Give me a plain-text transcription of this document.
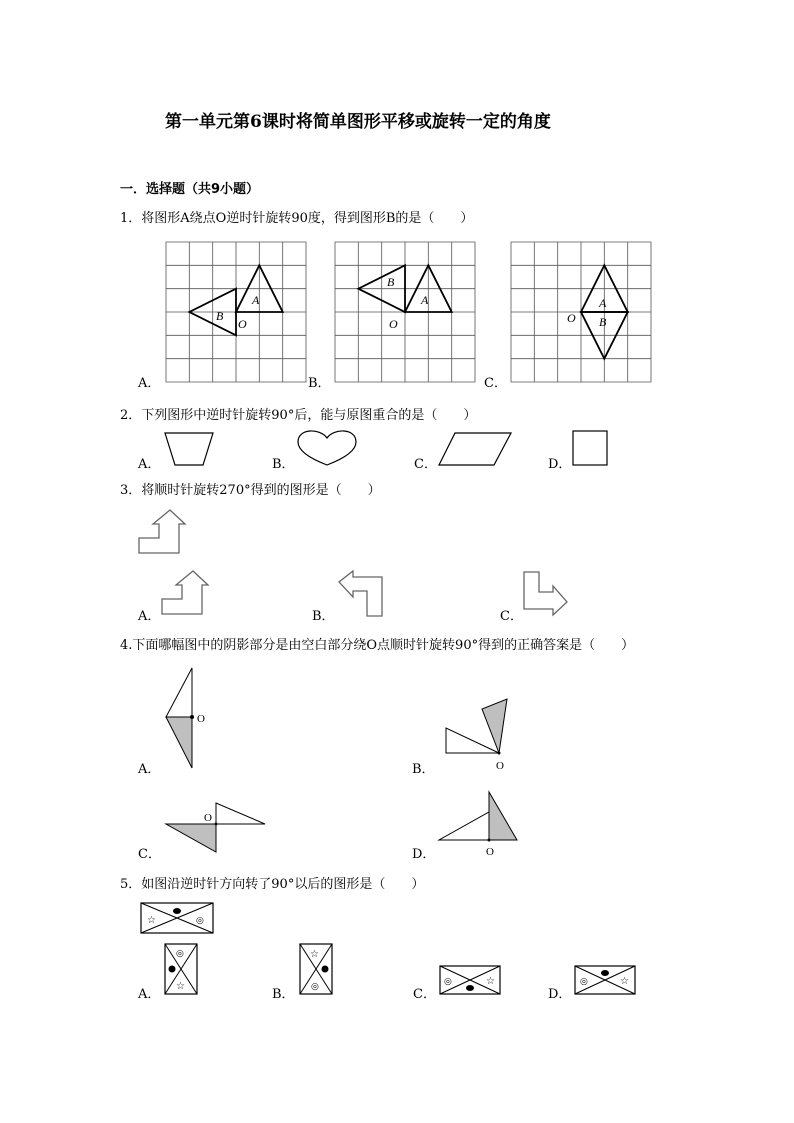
第一单元第6课时将简单图形平移或旋转一定的角度
一．选择题（共9小题）
1．将图形A绕点O逆时针旋转90度，得到图形B的是（　　）
A
B
O
A
B
O
A
B
O
A．	B．	C．
2．下列图形中逆时针旋转90°后，能与原图重合的是（　　）
A．	B．	C．	D．
3．将顺时针旋转270°得到的图形是（　　）
A．	B．	C．
4.下面哪幅图中的阴影部分是由空白部分绕O点顺时针旋转90°得到的正确答案是（　　）
O
A．	O
B．
O
C．	O
D．
5．如图沿逆时针方向转了90°以后的图形是（　　）
☆	◎
◎
☆
A．
☆
◎
B．
◎	☆
C．
◎	☆
D．
